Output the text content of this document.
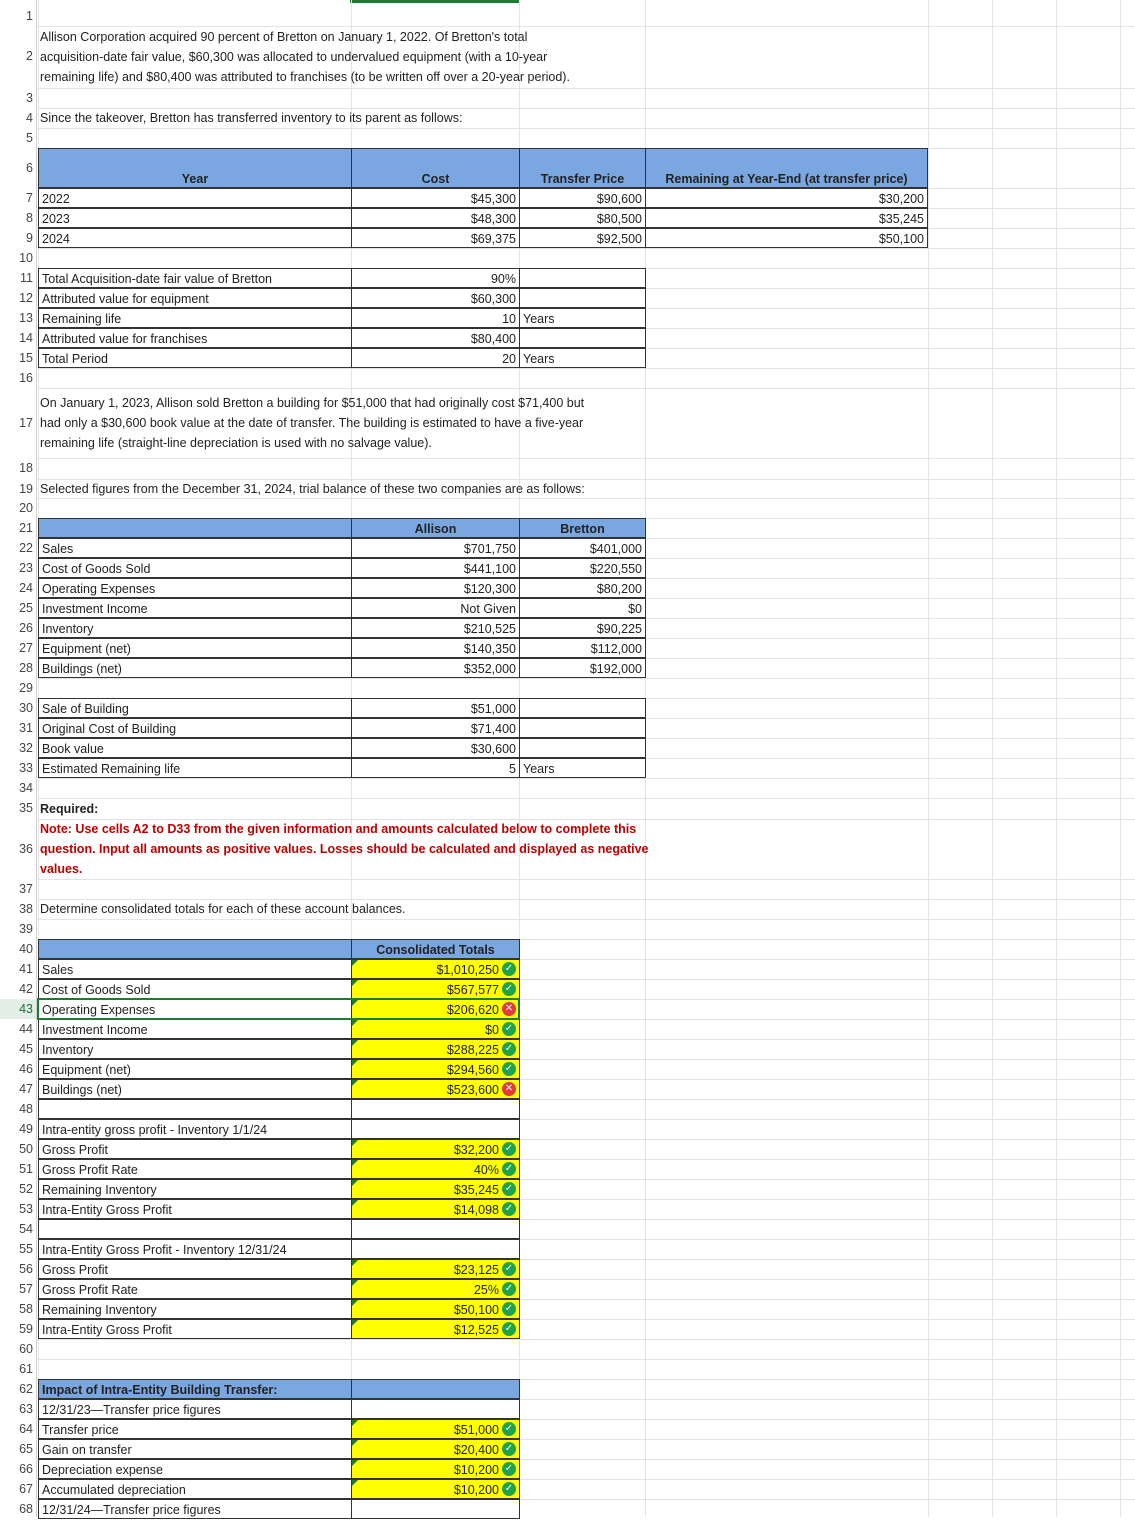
1
2
3
4
5
6
7
8
9
10
11
12
13
14
15
16
17
18
19
20
21
22
23
24
25
26
27
28
29
30
31
32
33
34
35
36
37
38
39
40
41
42
43
44
45
46
47
48
49
50
51
52
53
54
55
56
57
58
59
60
61
62
63
64
65
66
67
68
Allison Corporation acquired 90 percent of Bretton on January 1, 2022. Of Bretton's total
acquisition-date fair value, $60,300 was allocated to undervalued equipment (with a 10-year
remaining life) and $80,400 was attributed to franchises (to be written off over a 20-year period).
Since the takeover, Bretton has transferred inventory to its parent as follows:
Year	Cost	Transfer Price	Remaining at Year-End (at transfer price)
2022	$45,300	$90,600	$30,200
2023	$48,300	$80,500	$35,245
2024	$69,375	$92,500	$50,100
Total Acquisition-date fair value of Bretton	90%
Attributed value for equipment	$60,300
Remaining life	10 Years
Attributed value for franchises	$80,400
Total Period	20 Years
On January 1, 2023, Allison sold Bretton a building for $51,000 that had originally cost $71,400 but
had only a $30,600 book value at the date of transfer. The building is estimated to have a five-year
remaining life (straight-line depreciation is used with no salvage value).
Selected figures from the December 31, 2024, trial balance of these two companies are as follows:
Allison	Bretton
Sales	$701,750	$401,000
Cost of Goods Sold	$441,100	$220,550
Operating Expenses	$120,300	$80,200
Investment Income	Not Given	$0
Inventory	$210,525	$90,225
Equipment (net)	$140,350	$112,000
Buildings (net)	$352,000	$192,000
Sale of Building	$51,000
Original Cost of Building	$71,400
Book value	$30,600
Estimated Remaining life	5 Years
Required:
Note: Use cells A2 to D33 from the given information and amounts calculated below to complete this
question. Input all amounts as positive values. Losses should be calculated and displayed as negative
values.
Determine consolidated totals for each of these account balances.
Consolidated Totals
Sales	$1,010,250 ✓
Cost of Goods Sold	$567,577 ✓
Operating Expenses	$206,620 ✕
Investment Income	$0 ✓
Inventory	$288,225 ✓
Equipment (net)	$294,560 ✓
Buildings (net)	$523,600 ✕
Intra-entity gross profit - Inventory 1/1/24
Gross Profit	$32,200 ✓
Gross Profit Rate	40% ✓
Remaining Inventory	$35,245 ✓
Intra-Entity Gross Profit	$14,098 ✓
Intra-Entity Gross Profit - Inventory 12/31/24
Gross Profit	$23,125 ✓
Gross Profit Rate	25% ✓
Remaining Inventory	$50,100 ✓
Intra-Entity Gross Profit	$12,525 ✓
Impact of Intra-Entity Building Transfer:
12/31/23—Transfer price figures
Transfer price	$51,000 ✓
Gain on transfer	$20,400 ✓
Depreciation expense	$10,200 ✓
Accumulated depreciation	$10,200 ✓
12/31/24—Transfer price figures
